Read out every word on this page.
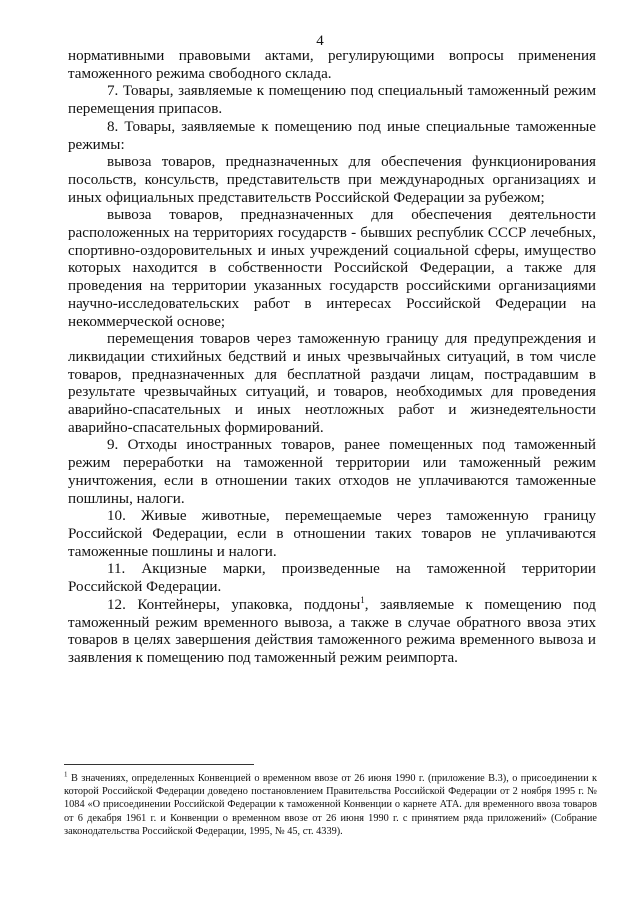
4

нормативными правовыми актами, регулирующими вопросы применения таможенного режима свободного склада.

7. Товары, заявляемые к помещению под специальный таможенный режим перемещения припасов.

8. Товары, заявляемые к помещению под иные специальные таможенные режимы:

вывоза товаров, предназначенных для обеспечения функционирования посольств, консульств, представительств при международных организациях и иных официальных представительств Российской Федерации за рубежом;

вывоза товаров, предназначенных для обеспечения деятельности расположенных на территориях государств - бывших республик СССР лечебных, спортивно-оздоровительных и иных учреждений социальной сферы, имущество которых находится в собственности Российской Федерации, а также для проведения на территории указанных государств российскими организациями научно-исследовательских работ в интересах Российской Федерации на некоммерческой основе;

перемещения товаров через таможенную границу для предупреждения и ликвидации стихийных бедствий и иных чрезвычайных ситуаций, в том числе товаров, предназначенных для бесплатной раздачи лицам, пострадавшим в результате чрезвычайных ситуаций, и товаров, необходимых для проведения аварийно-спасательных и иных неотложных работ и жизнедеятельности аварийно-спасательных формирований.

9. Отходы иностранных товаров, ранее помещенных под таможенный режим переработки на таможенной территории или таможенный режим уничтожения, если в отношении таких отходов не уплачиваются таможенные пошлины, налоги.

10. Живые животные, перемещаемые через таможенную границу Российской Федерации, если в отношении таких товаров не уплачиваются таможенные пошлины и налоги.

11. Акцизные марки, произведенные на таможенной территории Российской Федерации.

12. Контейнеры, упаковка, поддоны$^1$, заявляемые к помещению под таможенный режим временного вывоза, а также в случае обратного ввоза этих товаров в целях завершения действия таможенного режима временного вывоза и заявления к помещению под таможенный режим реимпорта.

$^1$ В значениях, определенных Конвенцией о временном ввозе от 26 июня 1990 г. (приложение В.3), о присоединении к которой Российской Федерации доведено постановлением Правительства Российской Федерации от 2 ноября 1995 г. № 1084 «О присоединении Российской Федерации к таможенной Конвенции о карнете АТА. для временного ввоза товаров от 6 декабря 1961 г. и Конвенции о временном ввозе от 26 июня 1990 г. с принятием ряда приложений» (Собрание законодательства Российской Федерации, 1995, № 45, ст. 4339).
